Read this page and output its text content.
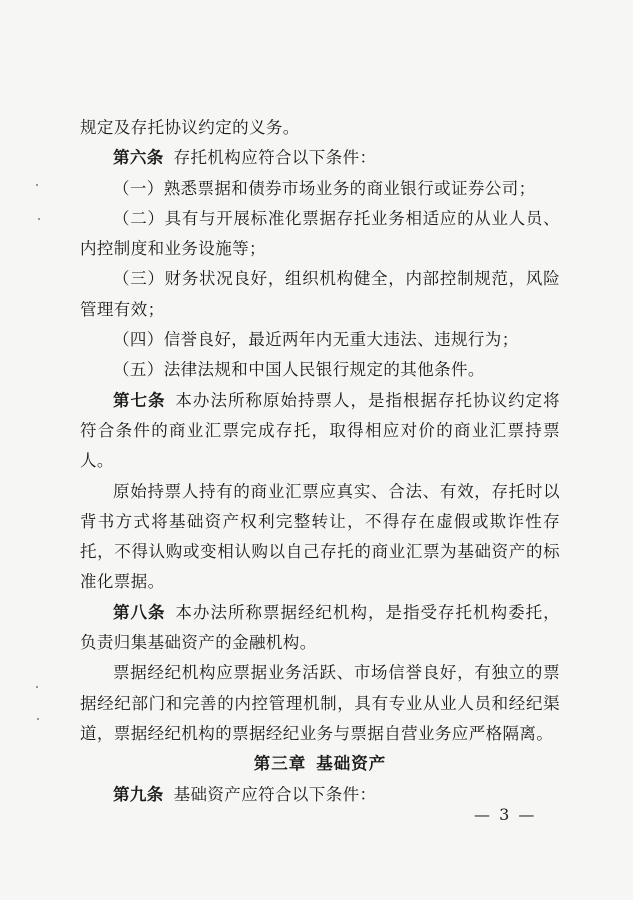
规定及存托协议约定的义务。

第六条 存托机构应符合以下条件：

（一）熟悉票据和债券市场业务的商业银行或证券公司；

（二）具有与开展标准化票据存托业务相适应的从业人员、内控制度和业务设施等；

（三）财务状况良好，组织机构健全，内部控制规范，风险管理有效；

（四）信誉良好，最近两年内无重大违法、违规行为；

（五）法律法规和中国人民银行规定的其他条件。

第七条 本办法所称原始持票人，是指根据存托协议约定将符合条件的商业汇票完成存托，取得相应对价的商业汇票持票人。

原始持票人持有的商业汇票应真实、合法、有效，存托时以背书方式将基础资产权利完整转让，不得存在虚假或欺诈性存托，不得认购或变相认购以自己存托的商业汇票为基础资产的标准化票据。

第八条 本办法所称票据经纪机构，是指受存托机构委托，负责归集基础资产的金融机构。

票据经纪机构应票据业务活跃、市场信誉良好，有独立的票据经纪部门和完善的内控管理机制，具有专业从业人员和经纪渠道，票据经纪机构的票据经纪业务与票据自营业务应严格隔离。

第三章 基础资产

第九条 基础资产应符合以下条件：

— 3 —
